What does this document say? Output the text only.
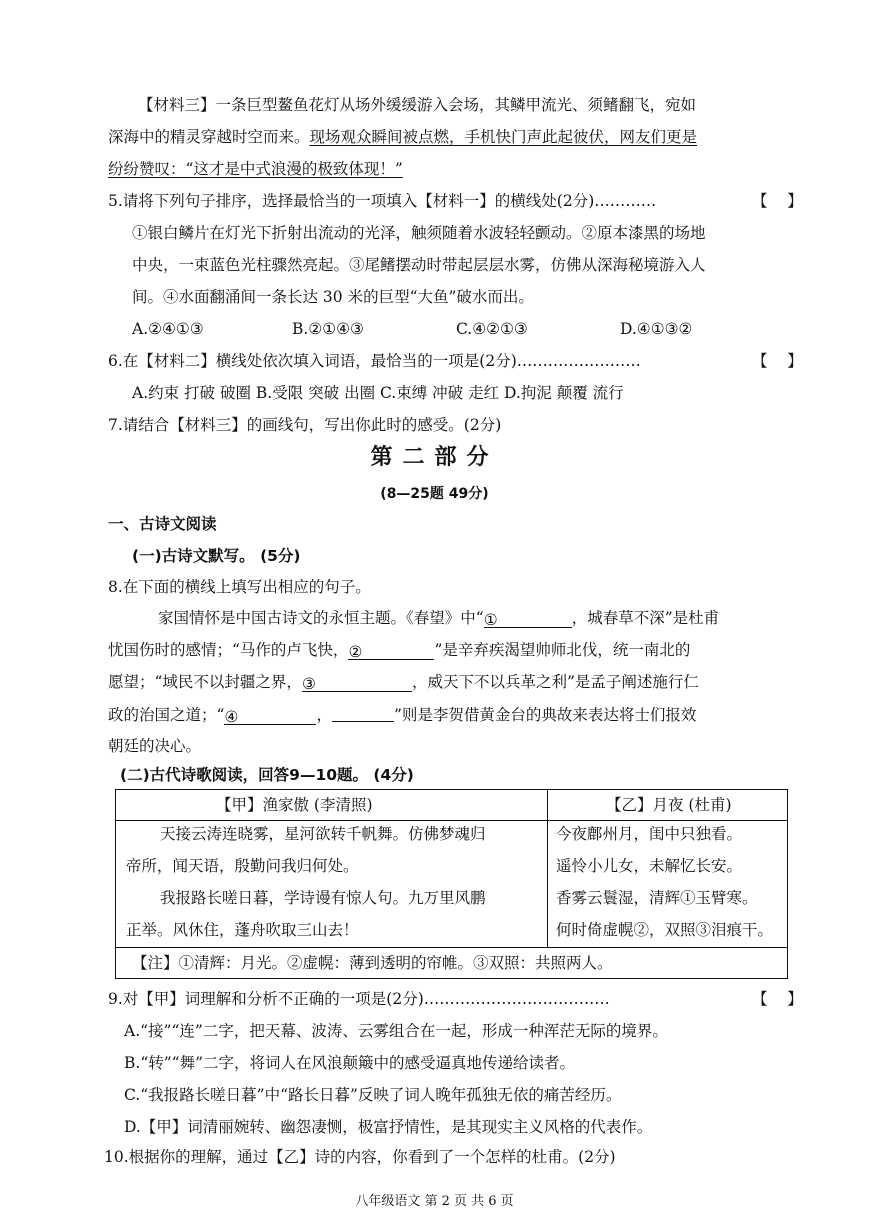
【材料三】一条巨型鳌鱼花灯从场外缓缓游入会场，其鳞甲流光、须鳍翻飞，宛如
深海中的精灵穿越时空而来。现场观众瞬间被点燃，手机快门声此起彼伏，网友们更是
纷纷赞叹：“这才是中式浪漫的极致体现！”
5.请将下列句子排序，选择最恰当的一项填入【材料一】的横线处(2分)…………	【    】
①银白鳞片在灯光下折射出流动的光泽，触须随着水波轻轻颤动。②原本漆黑的场地
中央，一束蓝色光柱骤然亮起。③尾鳍摆动时带起层层水雾，仿佛从深海秘境游入人
间。④水面翻涌间一条长达 30 米的巨型“大鱼”破水而出。
A.②④①③	B.②①④③	C.④②①③	D.④①③②
6.在【材料二】横线处依次填入词语，最恰当的一项是(2分)……………………	【    】
A.约束 打破 破圈 B.受限 突破 出圈 C.束缚 冲破 走红 D.拘泥 颠覆 流行
7.请结合【材料三】的画线句，写出你此时的感受。(2分)
第二部分
(8—25题 49分)
一、古诗文阅读
(一)古诗文默写。 (5分)
8.在下面的横线上填写出相应的句子。
家国情怀是中国古诗文的永恒主题。《春望》中“①	，城春草不深”是杜甫
忧国伤时的感情；“马作的卢飞快，②	”是辛弃疾渴望帅师北伐，统一南北的
愿望；“域民不以封疆之界，③	，威天下不以兵革之利”是孟子阐述施行仁
政的治国之道；“④	，	”则是李贺借黄金台的典故来表达将士们报效
朝廷的决心。
(二)古代诗歌阅读，回答9—10题。 (4分)
【甲】渔家傲 (李清照)	【乙】月夜 (杜甫)
天接云涛连晓雾，星河欲转千帆舞。仿佛梦魂归
帝所，闻天语，殷勤问我归何处。
我报路长嗟日暮，学诗谩有惊人句。九万里风鹏
正举。风休住，蓬舟吹取三山去！
今夜鄜州月，闺中只独看。
遥怜小儿女，未解忆长安。
香雾云鬟湿，清辉①玉臂寒。
何时倚虚幌②，双照③泪痕干。
【注】①清辉：月光。②虚幌：薄到透明的帘帷。③双照：共照两人。
9.对【甲】词理解和分析不正确的一项是(2分)………………………………	【    】
A.“接”“连”二字，把天幕、波涛、云雾组合在一起，形成一种浑茫无际的境界。
B.“转”“舞”二字，将词人在风浪颠簸中的感受逼真地传递给读者。
C.“我报路长嗟日暮”中“路长日暮”反映了词人晚年孤独无依的痛苦经历。
D.【甲】词清丽婉转、幽怨凄恻，极富抒情性，是其现实主义风格的代表作。
10.根据你的理解，通过【乙】诗的内容，你看到了一个怎样的杜甫。(2分)
八年级语文 第 2 页 共 6 页
